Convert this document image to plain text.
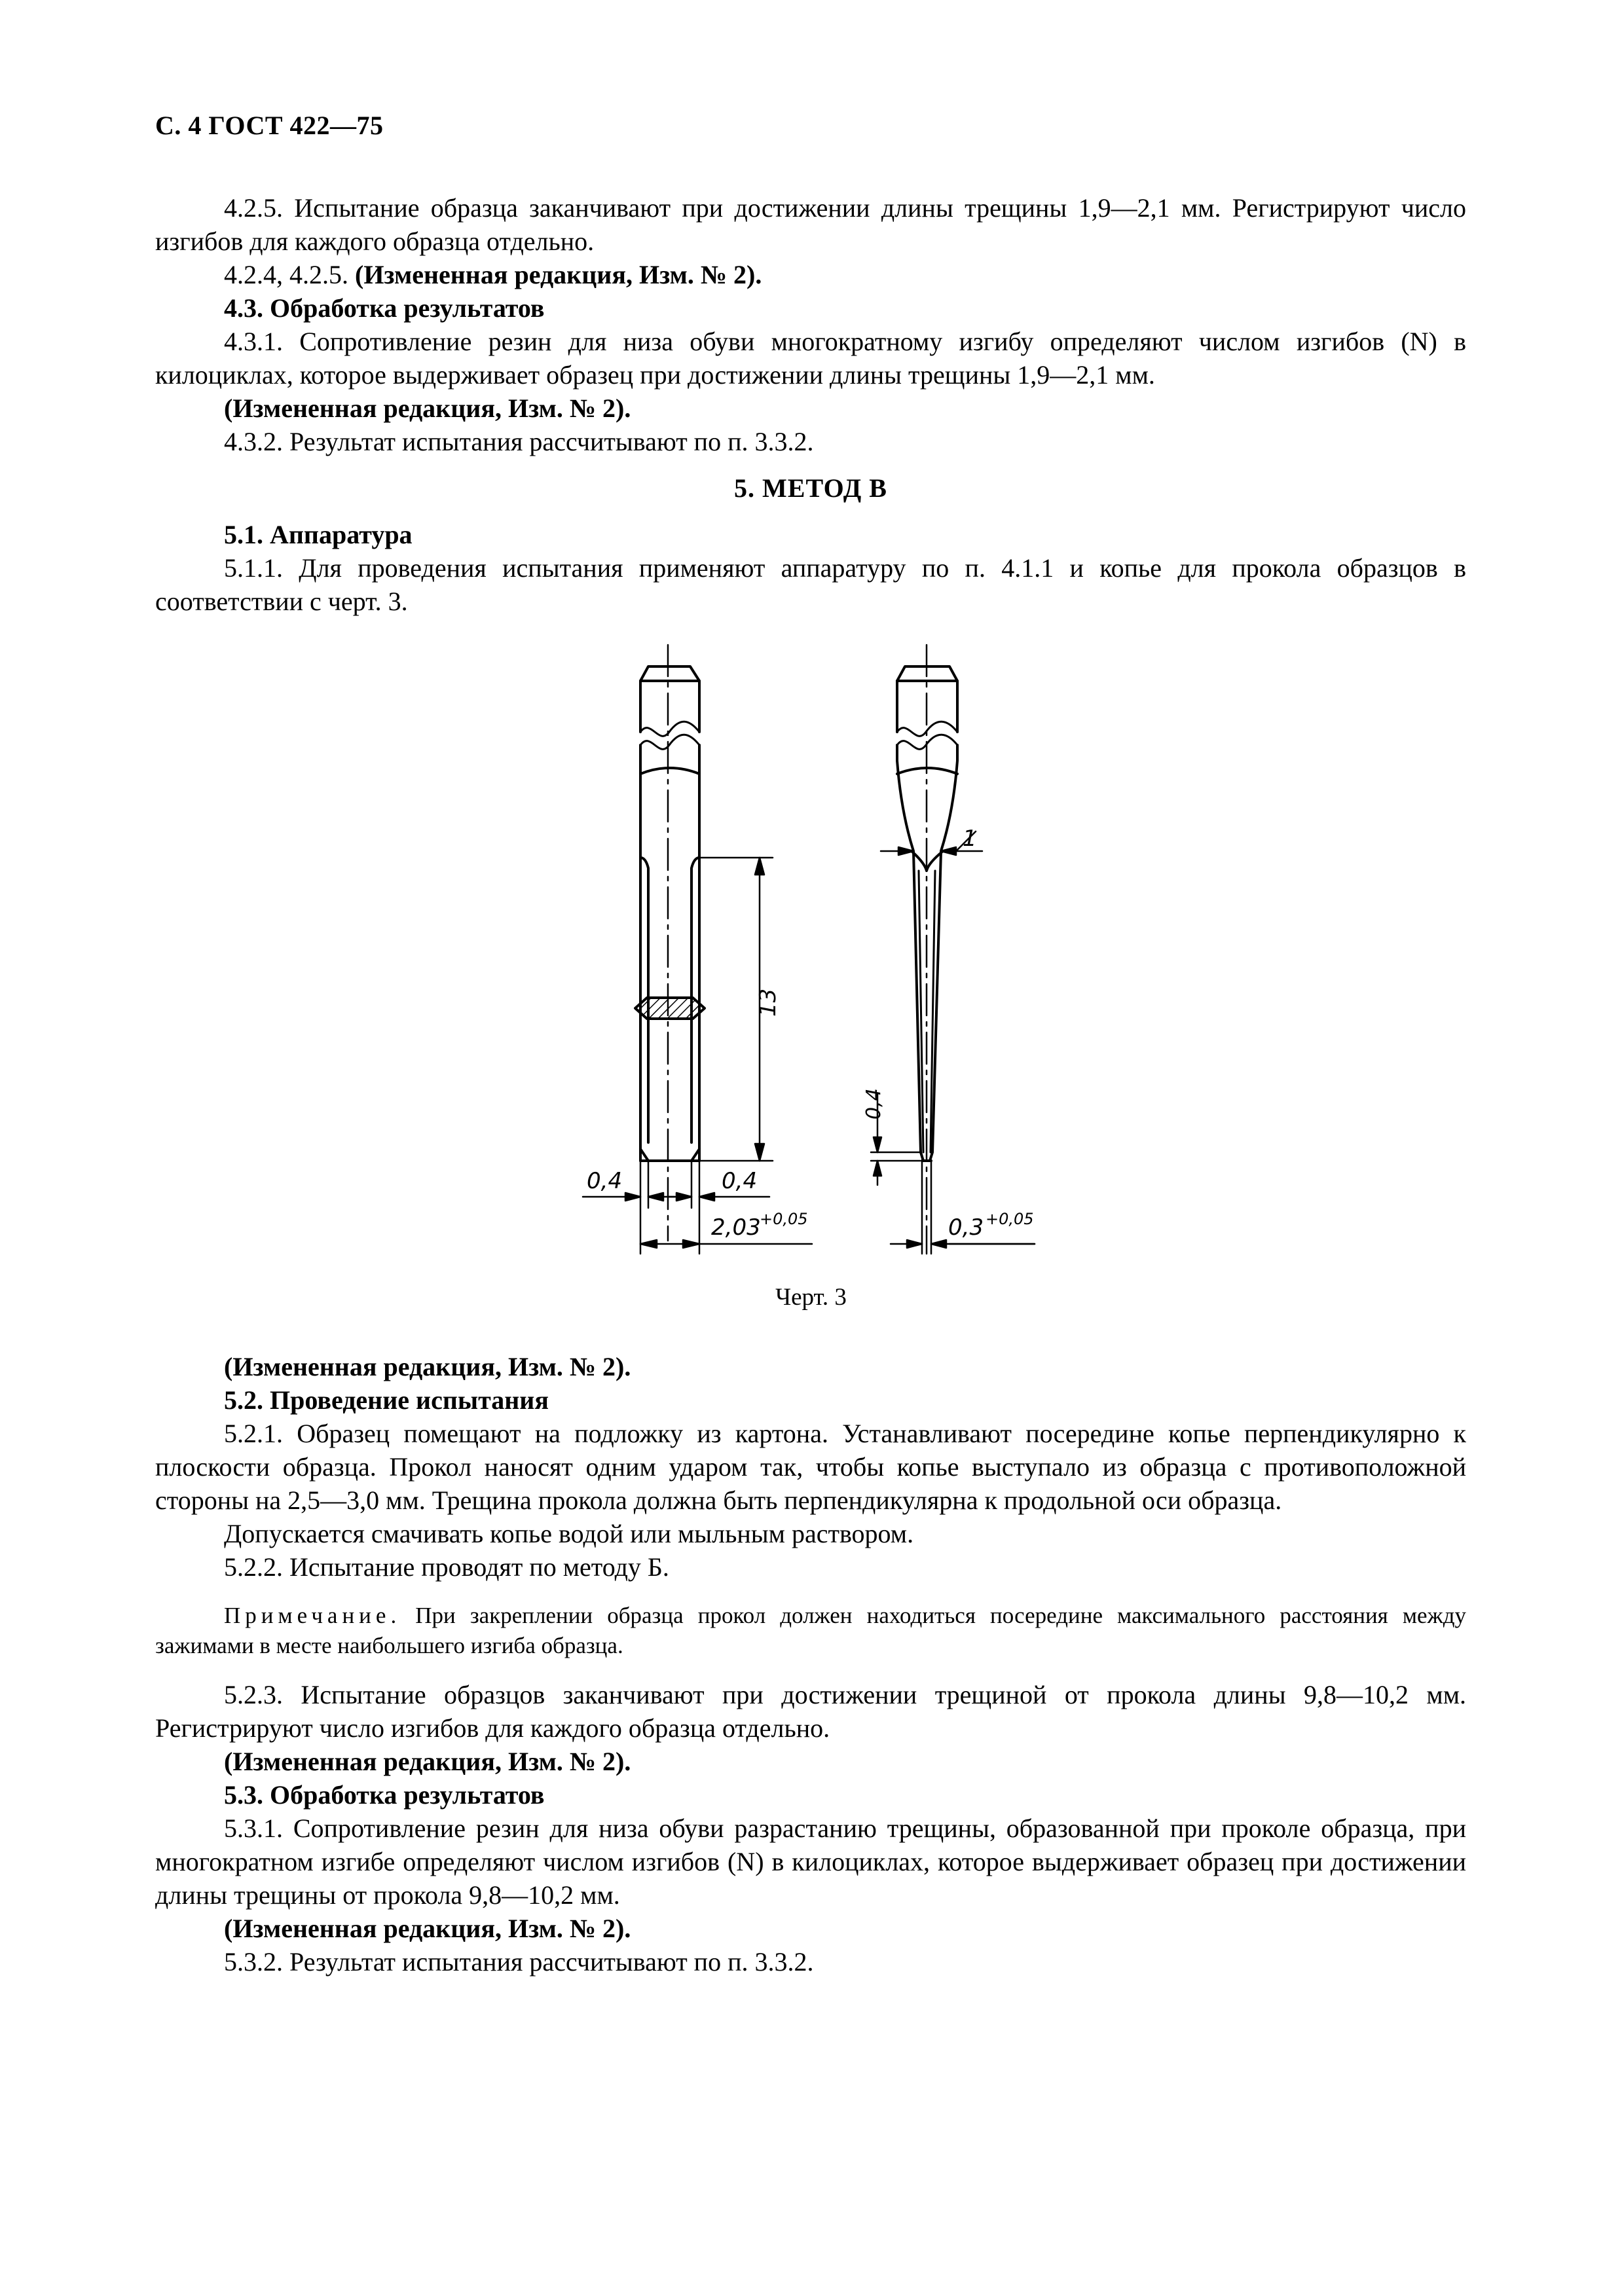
С. 4 ГОСТ 422—75

4.2.5. Испытание образца заканчивают при достижении длины трещины 1,9—2,1 мм. Регистрируют число изгибов для каждого образца отдельно.

4.2.4, 4.2.5. (Измененная редакция, Изм. № 2).

4.3. Обработка результатов

4.3.1. Сопротивление резин для низа обуви многократному изгибу определяют числом изгибов (N) в килоциклах, которое выдерживает образец при достижении длины трещины 1,9—2,1 мм.

(Измененная редакция, Изм. № 2).

4.3.2. Результат испытания рассчитывают по п. 3.3.2.

5. МЕТОД В

5.1. Аппаратура

5.1.1. Для проведения испытания применяют аппаратуру по п. 4.1.1 и копье для прокола образцов в соответствии с черт. 3.

13
0,4	0,4
2,03
+0,05
1
0,4
0,3 +0,05
Черт. 3

(Измененная редакция, Изм. № 2).

5.2. Проведение испытания

5.2.1. Образец помещают на подложку из картона. Устанавливают посередине копье перпендикулярно к плоскости образца. Прокол наносят одним ударом так, чтобы копье выступало из образца с противоположной стороны на 2,5—3,0 мм. Трещина прокола должна быть перпендикулярна к продольной оси образца.

Допускается смачивать копье водой или мыльным раствором.

5.2.2. Испытание проводят по методу Б.

Примечание. При закреплении образца прокол должен находиться посередине максимального расстояния между зажимами в месте наибольшего изгиба образца.

5.2.3. Испытание образцов заканчивают при достижении трещиной от прокола длины 9,8—10,2 мм. Регистрируют число изгибов для каждого образца отдельно.

(Измененная редакция, Изм. № 2).

5.3. Обработка результатов

5.3.1. Сопротивление резин для низа обуви разрастанию трещины, образованной при проколе образца, при многократном изгибе определяют числом изгибов (N) в килоциклах, которое выдерживает образец при достижении длины трещины от прокола 9,8—10,2 мм.

(Измененная редакция, Изм. № 2).

5.3.2. Результат испытания рассчитывают по п. 3.3.2.
